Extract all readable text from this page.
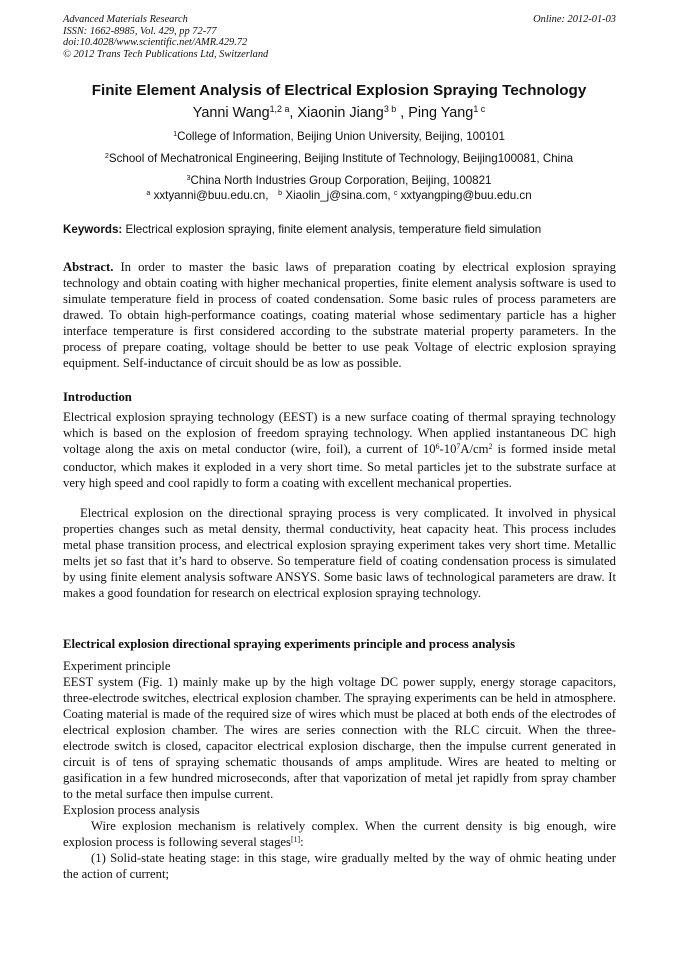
Advanced Materials Research
ISSN: 1662-8985, Vol. 429, pp 72-77
doi:10.4028/www.scientific.net/AMR.429.72
© 2012 Trans Tech Publications Ltd, Switzerland
Online: 2012-01-03
Finite Element Analysis of Electrical Explosion Spraying Technology
Yanni Wang$^{1,2 a}$, Xiaonin Jiang$^{3 b}$ , Ping Yang$^{1 c}$
$^1$College of Information, Beijing Union University, Beijing, 100101
$^2$School of Mechatronical Engineering, Beijing Institute of Technology, Beijing100081, China
$^3$China North Industries Group Corporation, Beijing, 100821
$^a$ xxtyanni@buu.edu.cn, $^b$ Xiaolin_j@sina.com, $^c$ xxtyangping@buu.edu.cn
Keywords: Electrical explosion spraying, finite element analysis, temperature field simulation
Abstract. In order to master the basic laws of preparation coating by electrical explosion spraying technology and obtain coating with higher mechanical properties, finite element analysis software is used to simulate temperature field in process of coated condensation. Some basic rules of process parameters are drawed. To obtain high-performance coatings, coating material whose sedimentary particle has a higher interface temperature is first considered according to the substrate material property parameters. In the process of prepare coating, voltage should be better to use peak Voltage of electric explosion spraying equipment. Self-inductance of circuit should be as low as possible.
Introduction
Electrical explosion spraying technology (EEST) is a new surface coating of thermal spraying technology which is based on the explosion of freedom spraying technology. When applied instantaneous DC high voltage along the axis on metal conductor (wire, foil), a current of $10^6-10^7A/cm^2$ is formed inside metal conductor, which makes it exploded in a very short time. So metal particles jet to the substrate surface at very high speed and cool rapidly to form a coating with excellent mechanical properties.
Electrical explosion on the directional spraying process is very complicated. It involved in physical properties changes such as metal density, thermal conductivity, heat capacity heat. This process includes metal phase transition process, and electrical explosion spraying experiment takes very short time. Metallic melts jet so fast that it’s hard to observe. So temperature field of coating condensation process is simulated by using finite element analysis software ANSYS. Some basic laws of technological parameters are draw. It makes a good foundation for research on electrical explosion spraying technology.
Electrical explosion directional spraying experiments principle and process analysis
Experiment principle
EEST system (Fig. 1) mainly make up by the high voltage DC power supply, energy storage capacitors, three-electrode switches, electrical explosion chamber. The spraying experiments can be held in atmosphere. Coating material is made of the required size of wires which must be placed at both ends of the electrodes of electrical explosion chamber. The wires are series connection with the RLC circuit. When the three-electrode switch is closed, capacitor electrical explosion discharge, then the impulse current generated in circuit is of tens of spraying schematic thousands of amps amplitude. Wires are heated to melting or gasification in a few hundred microseconds, after that vaporization of metal jet rapidly from spray chamber to the metal surface then impulse current.
Explosion process analysis
Wire explosion mechanism is relatively complex. When the current density is big enough, wire explosion process is following several stages[1]:
(1) Solid-state heating stage: in this stage, wire gradually melted by the way of ohmic heating under the action of current;
